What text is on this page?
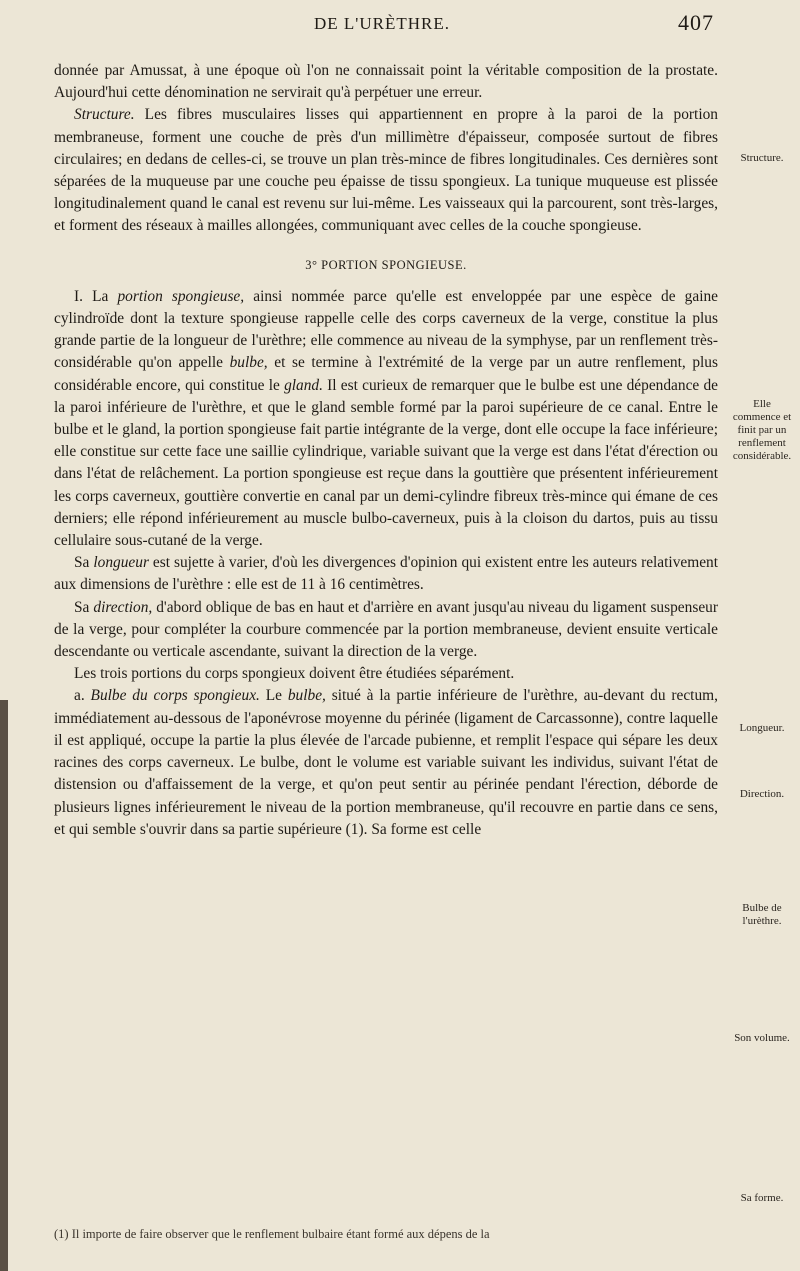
DE L'URÈTHRE.	407

donnée par Amussat, à une époque où l'on ne connaissait point la véritable composition de la prostate. Aujourd'hui cette dénomination ne servirait qu'à perpétuer une erreur.

Structure. Les fibres musculaires lisses qui appartiennent en propre à la paroi de la portion membraneuse, forment une couche de près d'un millimètre d'épaisseur, composée surtout de fibres circulaires; en dedans de celles-ci, se trouve un plan très-mince de fibres longitudinales. Ces dernières sont séparées de la muqueuse par une couche peu épaisse de tissu spongieux. La tunique muqueuse est plissée longitudinalement quand le canal est revenu sur lui-même. Les vaisseaux qui la parcourent, sont très-larges, et forment des réseaux à mailles allongées, communiquant avec celles de la couche spongieuse.

3° PORTION SPONGIEUSE.

I. La portion spongieuse, ainsi nommée parce qu'elle est enveloppée par une espèce de gaine cylindroïde dont la texture spongieuse rappelle celle des corps caverneux de la verge, constitue la plus grande partie de la longueur de l'urèthre; elle commence au niveau de la symphyse, par un renflement très-considérable qu'on appelle bulbe, et se termine à l'extrémité de la verge par un autre renflement, plus considérable encore, qui constitue le gland. Il est curieux de remarquer que le bulbe est une dépendance de la paroi inférieure de l'urèthre, et que le gland semble formé par la paroi supérieure de ce canal. Entre le bulbe et le gland, la portion spongieuse fait partie intégrante de la verge, dont elle occupe la face inférieure; elle constitue sur cette face une saillie cylindrique, variable suivant que la verge est dans l'état d'érection ou dans l'état de relâchement. La portion spongieuse est reçue dans la gouttière que présentent inférieurement les corps caverneux, gouttière convertie en canal par un demi-cylindre fibreux très-mince qui émane de ces derniers; elle répond inférieurement au muscle bulbo-caverneux, puis à la cloison du dartos, puis au tissu cellulaire sous-cutané de la verge.

Sa longueur est sujette à varier, d'où les divergences d'opinion qui existent entre les auteurs relativement aux dimensions de l'urèthre : elle est de 11 à 16 centimètres.

Sa direction, d'abord oblique de bas en haut et d'arrière en avant jusqu'au niveau du ligament suspenseur de la verge, pour compléter la courbure commencée par la portion membraneuse, devient ensuite verticale descendante ou verticale ascendante, suivant la direction de la verge.

Les trois portions du corps spongieux doivent être étudiées séparément.

a. Bulbe du corps spongieux. Le bulbe, situé à la partie inférieure de l'urèthre, au-devant du rectum, immédiatement au-dessous de l'aponévrose moyenne du périnée (ligament de Carcassonne), contre laquelle il est appliqué, occupe la partie la plus élevée de l'arcade pubienne, et remplit l'espace qui sépare les deux racines des corps caverneux. Le bulbe, dont le volume est variable suivant les individus, suivant l'état de distension ou d'affaissement de la verge, et qu'on peut sentir au périnée pendant l'érection, déborde de plusieurs lignes inférieurement le niveau de la portion membraneuse, qu'il recouvre en partie dans ce sens, et qui semble s'ouvrir dans sa partie supérieure (1). Sa forme est celle

(1) Il importe de faire observer que le renflement bulbaire étant formé aux dépens de la
Structure.
Elle commence et finit par un renflement considérable.
Longueur.
Direction.
Bulbe de l'urèthre.
Son volume.
Sa forme.
